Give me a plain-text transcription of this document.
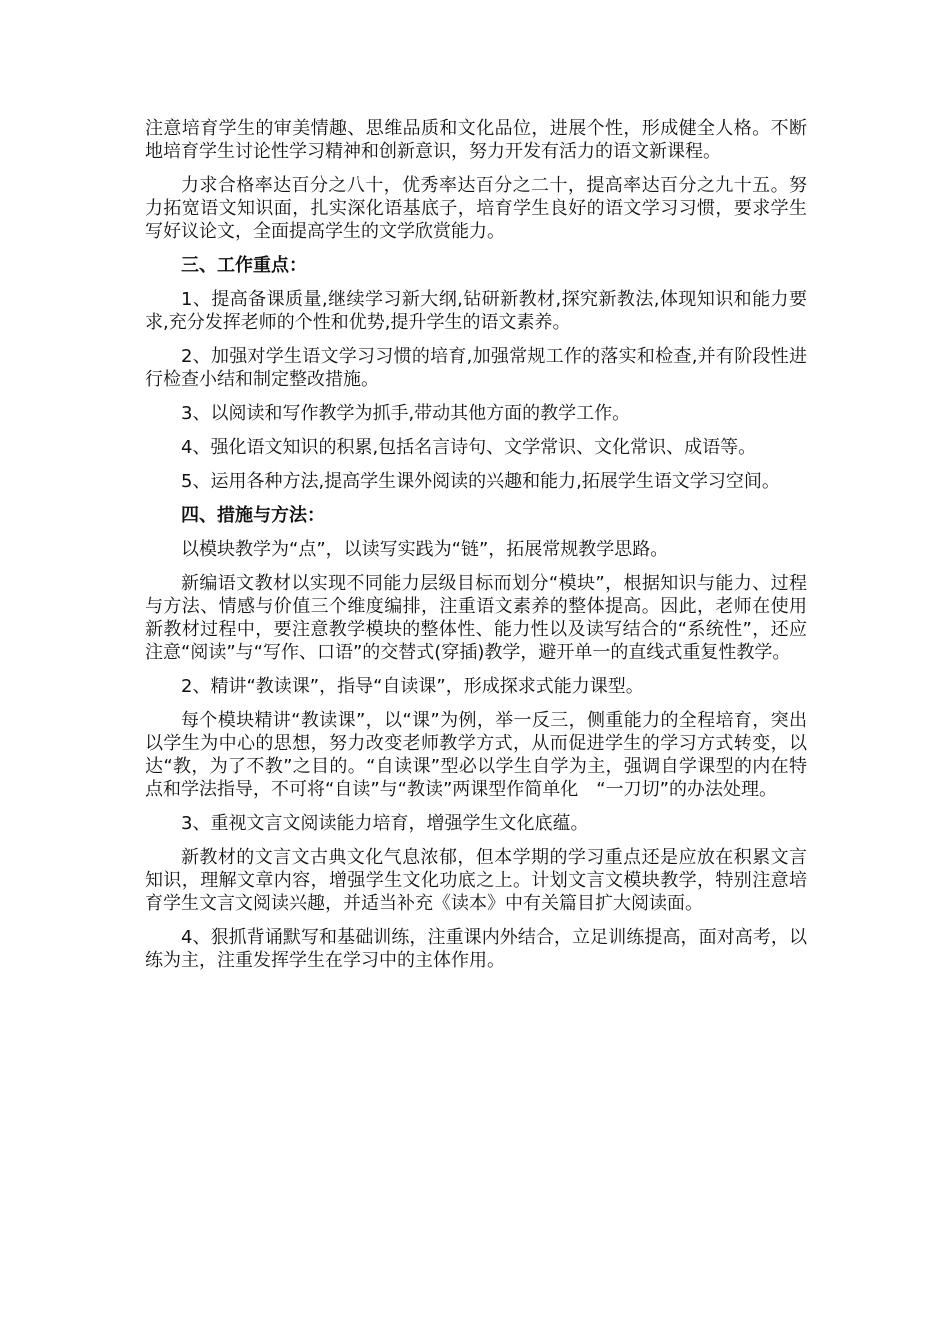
注意培育学生的审美情趣、思维品质和文化品位，进展个性，形成健全人格。不断地培育学生讨论性学习精神和创新意识，努力开发有活力的语文新课程。

力求合格率达百分之八十，优秀率达百分之二十，提高率达百分之九十五。努力拓宽语文知识面，扎实深化语基底子，培育学生良好的语文学习习惯，要求学生写好议论文，全面提高学生的文学欣赏能力。

三、工作重点：

1、提高备课质量,继续学习新大纲,钻研新教材,探究新教法,体现知识和能力要求,充分发挥老师的个性和优势,提升学生的语文素养。

2、加强对学生语文学习习惯的培育,加强常规工作的落实和检查,并有阶段性进行检查小结和制定整改措施。

3、以阅读和写作教学为抓手,带动其他方面的教学工作。

4、强化语文知识的积累,包括名言诗句、文学常识、文化常识、成语等。

5、运用各种方法,提高学生课外阅读的兴趣和能力,拓展学生语文学习空间。

四、措施与方法：

以模块教学为“点”，以读写实践为“链”，拓展常规教学思路。

新编语文教材以实现不同能力层级目标而划分“模块”，根据知识与能力、过程与方法、情感与价值三个维度编排，注重语文素养的整体提高。因此，老师在使用新教材过程中，要注意教学模块的整体性、能力性以及读写结合的“系统性”，还应注意“阅读”与“写作、口语”的交替式(穿插)教学，避开单一的直线式重复性教学。

2、精讲“教读课”，指导“自读课”，形成探求式能力课型。

每个模块精讲“教读课”，以“课”为例，举一反三，侧重能力的全程培育，突出以学生为中心的思想，努力改变老师教学方式，从而促进学生的学习方式转变，以达“教，为了不教”之目的。“自读课”型必以学生自学为主，强调自学课型的内在特点和学法指导，不可将“自读”与“教读”两课型作简单化　“一刀切”的办法处理。

3、重视文言文阅读能力培育，增强学生文化底蕴。

新教材的文言文古典文化气息浓郁，但本学期的学习重点还是应放在积累文言知识，理解文章内容，增强学生文化功底之上。计划文言文模块教学，特别注意培育学生文言文阅读兴趣，并适当补充《读本》中有关篇目扩大阅读面。

4、狠抓背诵默写和基础训练，注重课内外结合，立足训练提高，面对高考，以练为主，注重发挥学生在学习中的主体作用。
